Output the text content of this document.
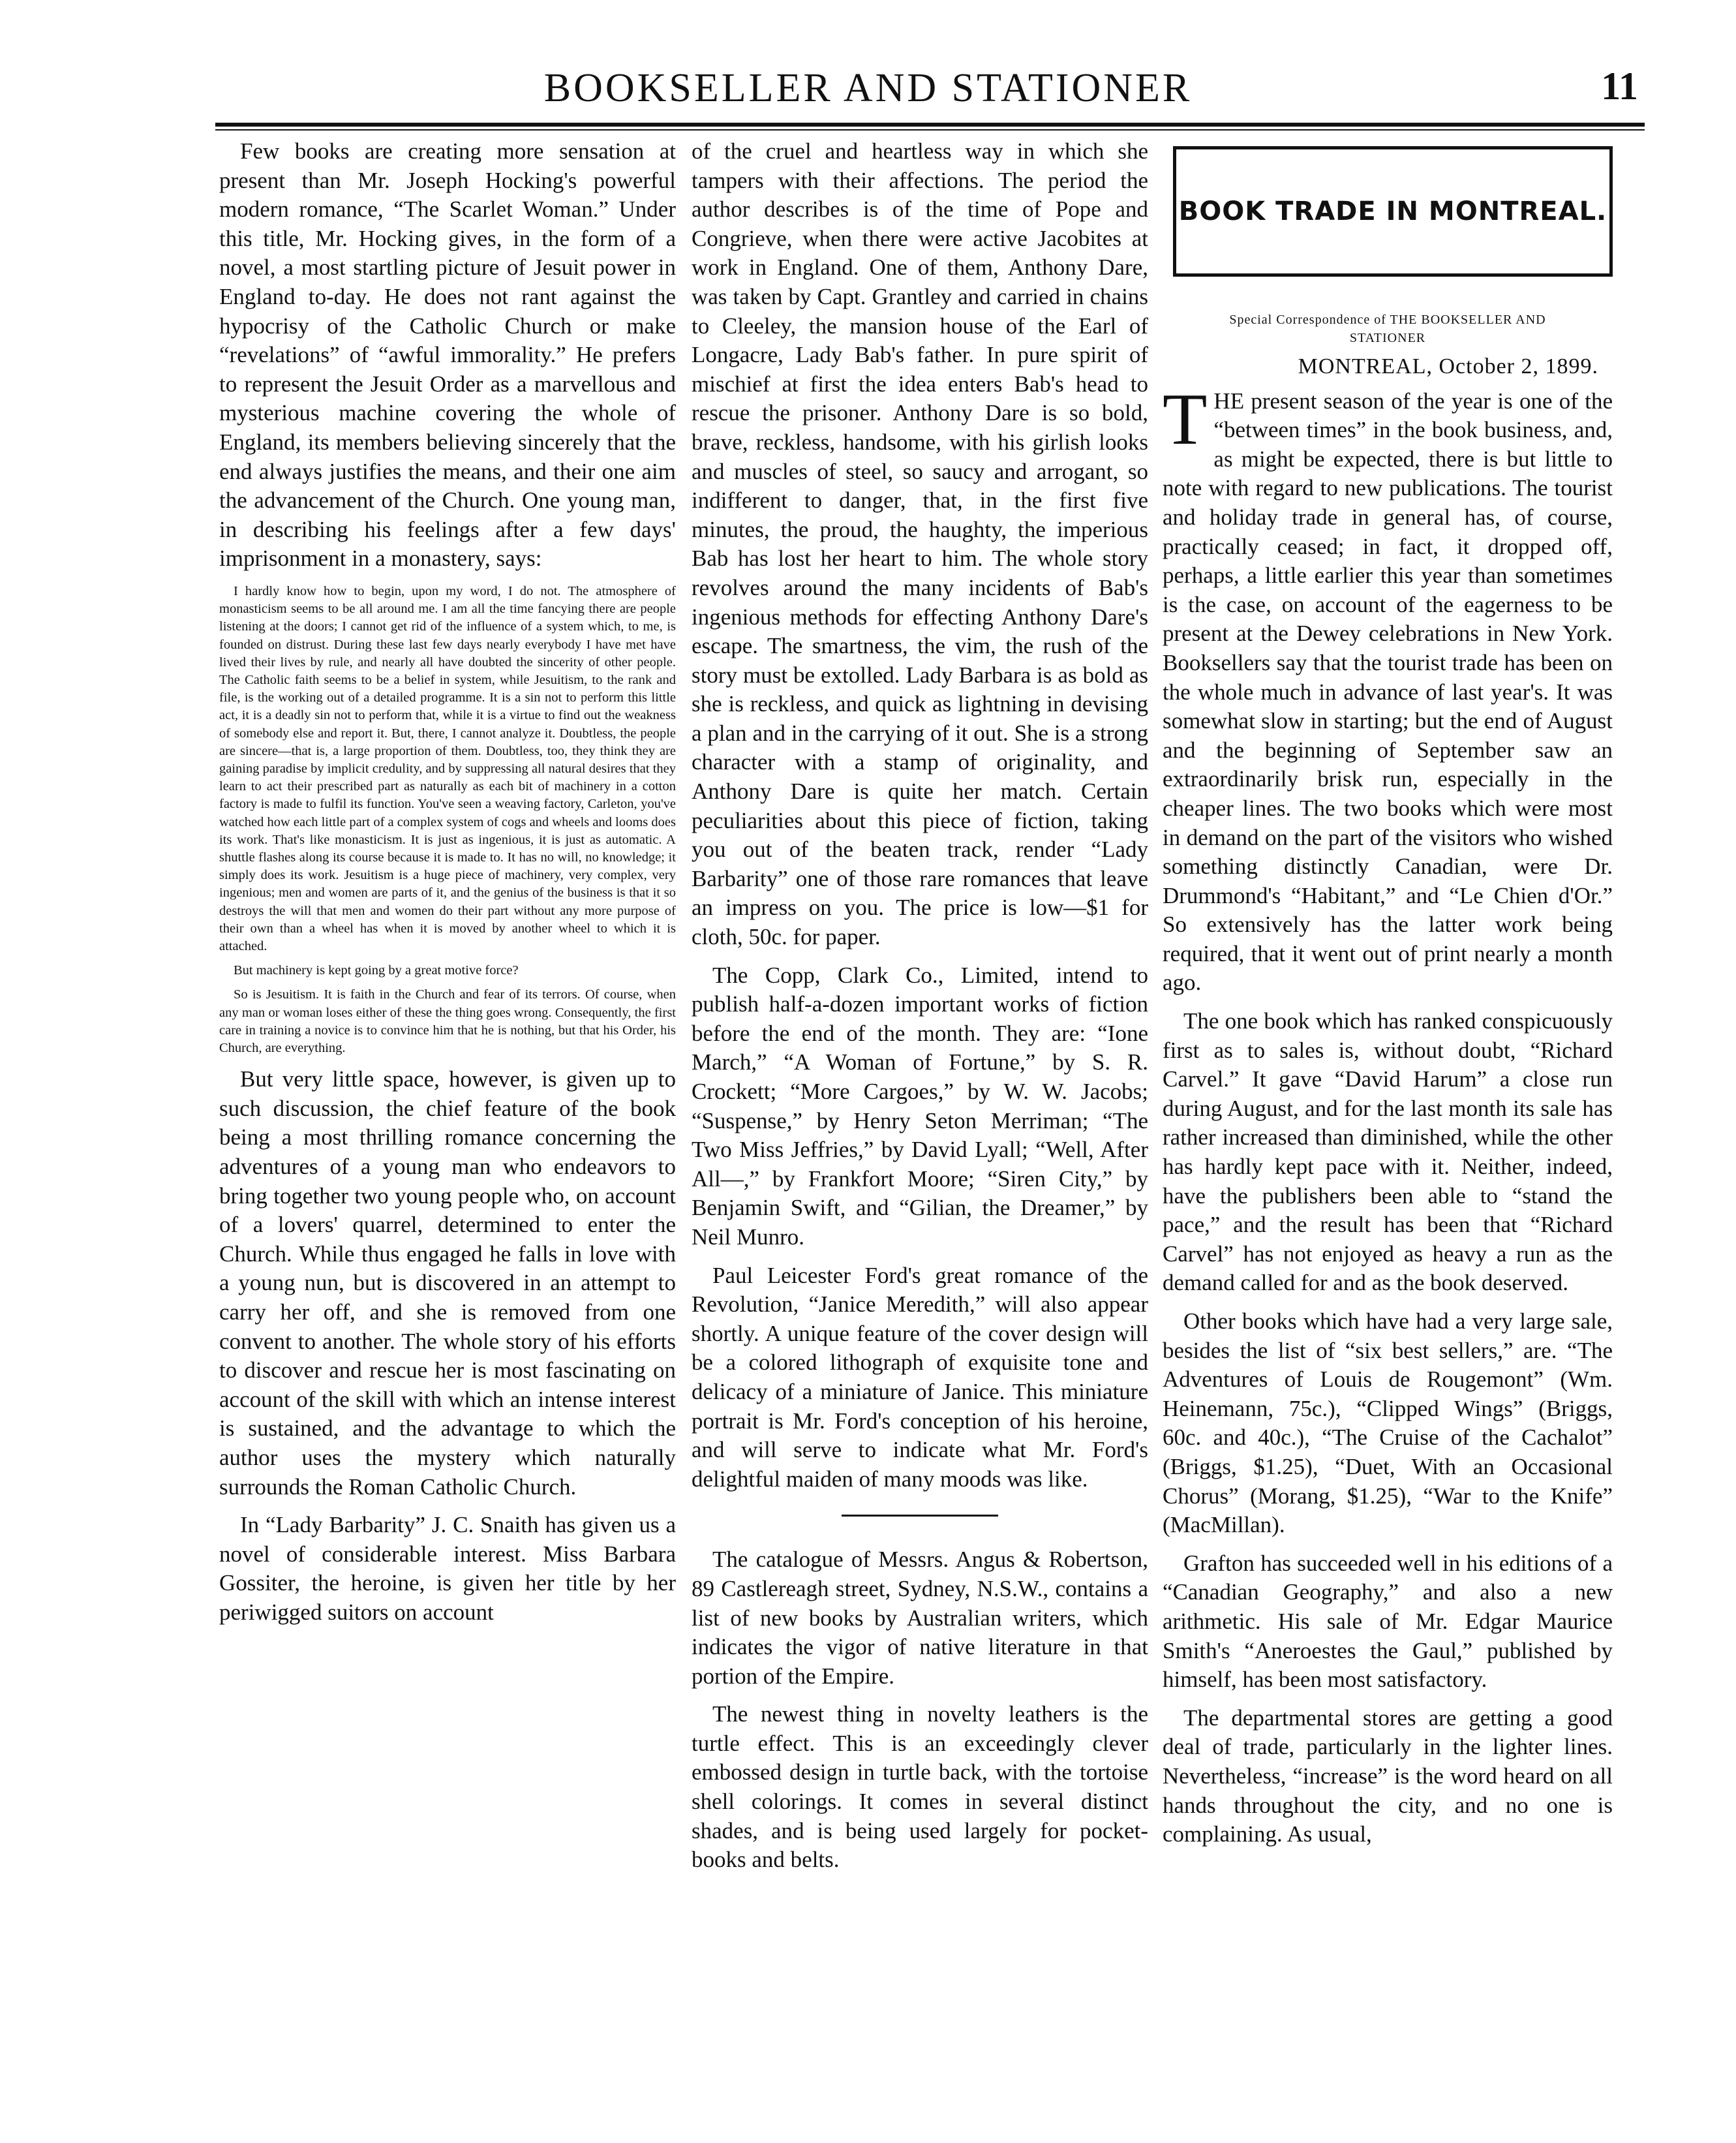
BOOKSELLER AND STATIONER	11

Few books are creating more sensation at present than Mr. Joseph Hocking's powerful modern romance, “The Scarlet Woman.” Under this title, Mr. Hocking gives, in the form of a novel, a most startling picture of Jesuit power in England to-day. He does not rant against the hypocrisy of the Catholic Church or make “revelations” of “awful immorality.” He prefers to represent the Jesuit Order as a marvellous and mysterious machine covering the whole of England, its members believing sincerely that the end always justifies the means, and their one aim the advancement of the Church. One young man, in describing his feelings after a few days' imprisonment in a monastery, says:

I hardly know how to begin, upon my word, I do not. The atmosphere of monasticism seems to be all around me. I am all the time fancying there are people listening at the doors; I cannot get rid of the influence of a system which, to me, is founded on distrust. During these last few days nearly everybody I have met have lived their lives by rule, and nearly all have doubted the sincerity of other people. The Catholic faith seems to be a belief in system, while Jesuitism, to the rank and file, is the working out of a detailed programme. It is a sin not to perform this little act, it is a deadly sin not to perform that, while it is a virtue to find out the weakness of somebody else and report it. But, there, I cannot analyze it. Doubtless, the people are sincere—that is, a large proportion of them. Doubtless, too, they think they are gaining paradise by implicit credulity, and by suppressing all natural desires that they learn to act their prescribed part as naturally as each bit of machinery in a cotton factory is made to fulfil its function. You've seen a weaving factory, Carleton, you've watched how each little part of a complex system of cogs and wheels and looms does its work. That's like monasticism. It is just as ingenious, it is just as automatic. A shuttle flashes along its course because it is made to. It has no will, no knowledge; it simply does its work. Jesuitism is a huge piece of machinery, very complex, very ingenious; men and women are parts of it, and the genius of the business is that it so destroys the will that men and women do their part without any more purpose of their own than a wheel has when it is moved by another wheel to which it is attached.

But machinery is kept going by a great motive force?

So is Jesuitism. It is faith in the Church and fear of its terrors. Of course, when any man or woman loses either of these the thing goes wrong. Consequently, the first care in training a novice is to convince him that he is nothing, but that his Order, his Church, are everything.

But very little space, however, is given up to such discussion, the chief feature of the book being a most thrilling romance concerning the adventures of a young man who endeavors to bring together two young people who, on account of a lovers' quarrel, determined to enter the Church. While thus engaged he falls in love with a young nun, but is discovered in an attempt to carry her off, and she is removed from one convent to another. The whole story of his efforts to discover and rescue her is most fascinating on account of the skill with which an intense interest is sustained, and the advantage to which the author uses the mystery which naturally surrounds the Roman Catholic Church.

In “Lady Barbarity” J. C. Snaith has given us a novel of considerable interest. Miss Barbara Gossiter, the heroine, is given her title by her periwigged suitors on account

of the cruel and heartless way in which she tampers with their affections. The period the author describes is of the time of Pope and Congrieve, when there were active Jacobites at work in England. One of them, Anthony Dare, was taken by Capt. Grantley and carried in chains to Cleeley, the mansion house of the Earl of Longacre, Lady Bab's father. In pure spirit of mischief at first the idea enters Bab's head to rescue the prisoner. Anthony Dare is so bold, brave, reckless, handsome, with his girlish looks and muscles of steel, so saucy and arrogant, so indifferent to danger, that, in the first five minutes, the proud, the haughty, the imperious Bab has lost her heart to him. The whole story revolves around the many incidents of Bab's ingenious methods for effecting Anthony Dare's escape. The smartness, the vim, the rush of the story must be extolled. Lady Barbara is as bold as she is reckless, and quick as lightning in devising a plan and in the carrying of it out. She is a strong character with a stamp of originality, and Anthony Dare is quite her match. Certain peculiarities about this piece of fiction, taking you out of the beaten track, render “Lady Barbarity” one of those rare romances that leave an impress on you. The price is low—$1 for cloth, 50c. for paper.

The Copp, Clark Co., Limited, intend to publish half-a-dozen important works of fiction before the end of the month. They are: “Ione March,” “A Woman of Fortune,” by S. R. Crockett; “More Cargoes,” by W. W. Jacobs; “Suspense,” by Henry Seton Merriman; “The Two Miss Jeffries,” by David Lyall; “Well, After All—,” by Frankfort Moore; “Siren City,” by Benjamin Swift, and “Gilian, the Dreamer,” by Neil Munro.

Paul Leicester Ford's great romance of the Revolution, “Janice Meredith,” will also appear shortly. A unique feature of the cover design will be a colored lithograph of exquisite tone and delicacy of a miniature of Janice. This miniature portrait is Mr. Ford's conception of his heroine, and will serve to indicate what Mr. Ford's delightful maiden of many moods was like.

The catalogue of Messrs. Angus & Robertson, 89 Castlereagh street, Sydney, N.S.W., contains a list of new books by Australian writers, which indicates the vigor of native literature in that portion of the Empire.

The newest thing in novelty leathers is the turtle effect. This is an exceedingly clever embossed design in turtle back, with the tortoise shell colorings. It comes in several distinct shades, and is being used largely for pocket-books and belts.

BOOK TRADE IN MONTREAL.
Special Correspondence of THE BOOKSELLER AND
STATIONER
MONTREAL, October 2, 1899.

THE present season of the year is one of the “between times” in the book business, and, as might be expected, there is but little to note with regard to new publications. The tourist and holiday trade in general has, of course, practically ceased; in fact, it dropped off, perhaps, a little earlier this year than sometimes is the case, on account of the eagerness to be present at the Dewey celebrations in New York. Booksellers say that the tourist trade has been on the whole much in advance of last year's. It was somewhat slow in starting; but the end of August and the beginning of September saw an extraordinarily brisk run, especially in the cheaper lines. The two books which were most in demand on the part of the visitors who wished something distinctly Canadian, were Dr. Drummond's “Habitant,” and “Le Chien d'Or.” So extensively has the latter work being required, that it went out of print nearly a month ago.

The one book which has ranked conspicuously first as to sales is, without doubt, “Richard Carvel.” It gave “David Harum” a close run during August, and for the last month its sale has rather increased than diminished, while the other has hardly kept pace with it. Neither, indeed, have the publishers been able to “stand the pace,” and the result has been that “Richard Carvel” has not enjoyed as heavy a run as the demand called for and as the book deserved.

Other books which have had a very large sale, besides the list of “six best sellers,” are. “The Adventures of Louis de Rougemont” (Wm. Heinemann, 75c.), “Clipped Wings” (Briggs, 60c. and 40c.), “The Cruise of the Cachalot” (Briggs, $1.25), “Duet, With an Occasional Chorus” (Morang, $1.25), “War to the Knife” (MacMillan).

Grafton has succeeded well in his editions of a “Canadian Geography,” and also a new arithmetic. His sale of Mr. Edgar Maurice Smith's “Aneroestes the Gaul,” published by himself, has been most satisfactory.

The departmental stores are getting a good deal of trade, particularly in the lighter lines. Nevertheless, “increase” is the word heard on all hands throughout the city, and no one is complaining. As usual,
